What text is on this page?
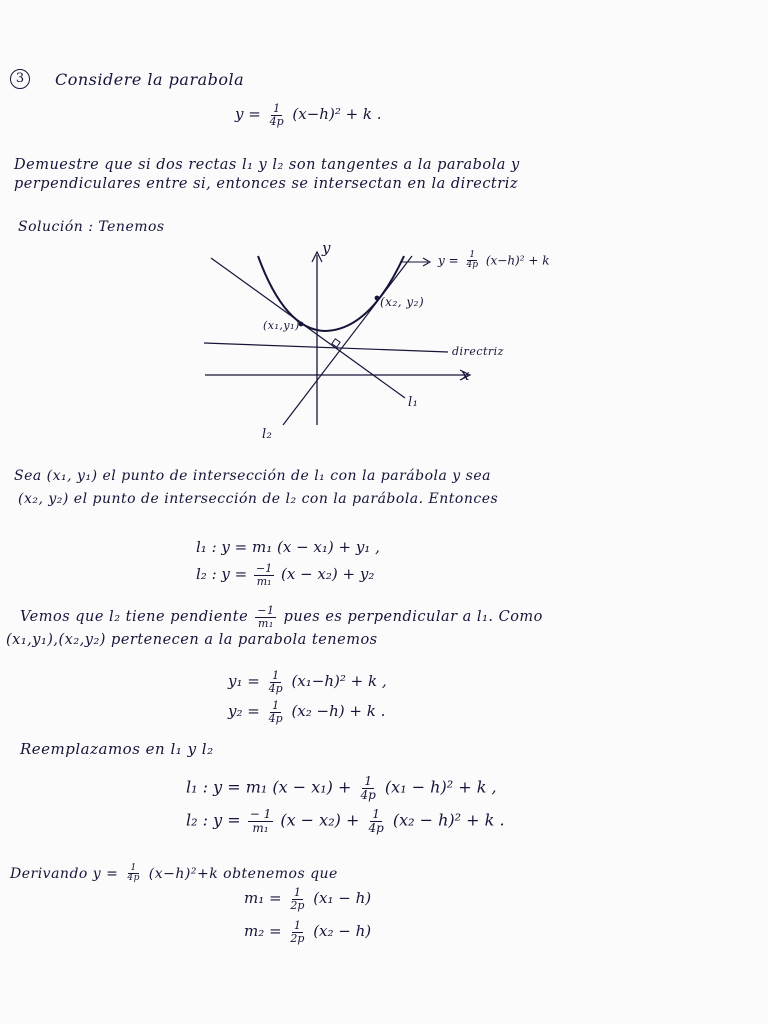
3	Considere la parabola
$y = \frac{1}{4p} (x-h)^2 + k$ .
Demuestre que si dos rectas l₁ y l₂ son tangentes a la parabola y
perpendiculares entre si, entonces se intersectan en la directriz
Solución : Tenemos
y
x
$y = \frac{1}{4p} (x-h)^2 + k$
(x₁,y₁)
(x₂, y₂)
directriz
l₁
l₂
Sea (x₁, y₁) el punto de intersección de l₁ con la parábola y sea
(x₂, y₂) el punto de intersección de l₂ con la parábola. Entonces
l₁ : y = m₁ (x − x₁) + y₁ ,
l₂ : $y = \frac{-1}{\text{m₁}} (x - x_2) + y_2$
Vemos que l₂ tiene pendiente $\frac{-1}{\text{m₁}}$ pues es perpendicular a l₁. Como
(x₁,y₁),(x₂,y₂) pertenecen a la parabola tenemos
$y_1 = \frac{1}{4p} (x_1-h)^2 + k$ ,
$y_2 = \frac{1}{4p} (x_2 -h) + k$ .
Reemplazamos en l₁ y l₂
l₁ : y = m₁ $(x - x_1) + \frac{1}{4p} (x_1 - h)^2 + k$ ,
l₂ : $y = \frac{- 1}{\text{m₁}} (x - x_2) + \frac{1}{4p} (x_2 - h)^2 + k$ .
Derivando $y = \frac{1}{4p} (x-h)^2+k$ obtenemos que
$m_1 = \frac{1}{2p} (x_1 - h)$
$m_2 = \frac{1}{2p} (x_2 - h)$
